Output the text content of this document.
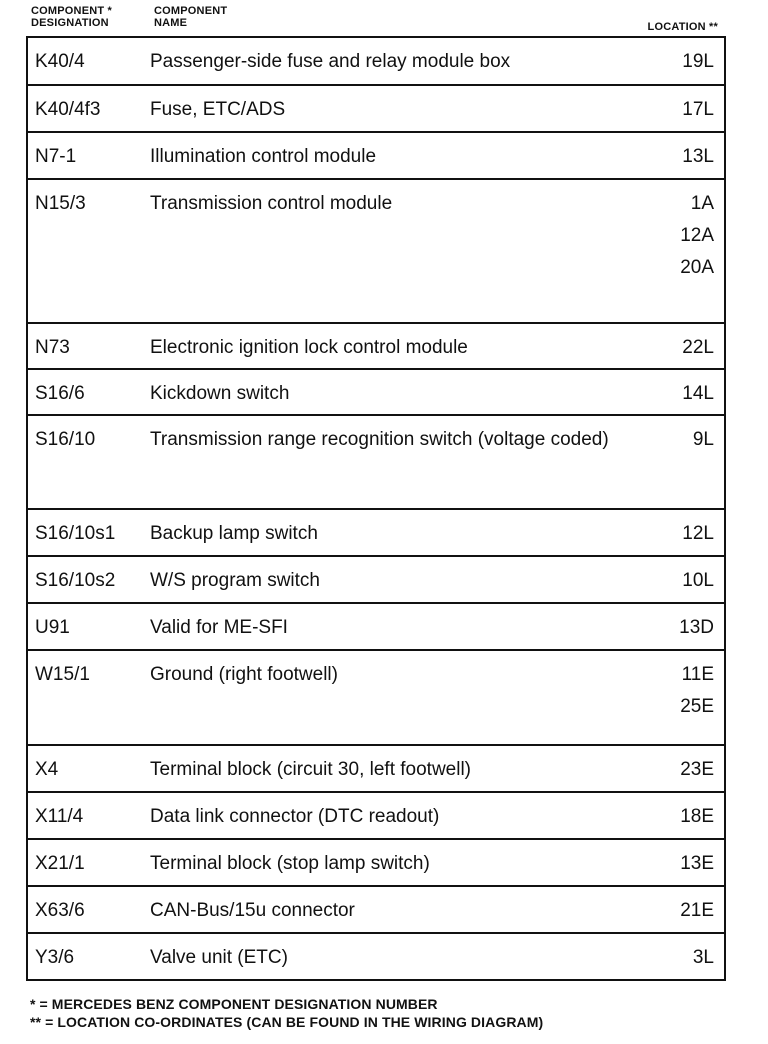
COMPONENT *
DESIGNATION
COMPONENT
NAME	LOCATION **
K40/4	Passenger-side fuse and relay module box	19L
K40/4f3	Fuse, ETC/ADS	17L
N7-1	Illumination control module	13L
N15/3	Transmission control module	1A
12A
20A
N73	Electronic ignition lock control module	22L
S16/6	Kickdown switch	14L
S16/10	Transmission range recognition switch (voltage coded)	9L
S16/10s1 Backup lamp switch	12L
S16/10s2 W/S program switch	10L
U91	Valid for ME-SFI	13D
W15/1	Ground (right footwell)	11E
25E
X4	Terminal block (circuit 30, left footwell)	23E
X11/4	Data link connector (DTC readout)	18E
X21/1	Terminal block (stop lamp switch)	13E
X63/6	CAN-Bus/15u connector	21E
Y3/6	Valve unit (ETC)	3L
* = MERCEDES BENZ COMPONENT DESIGNATION NUMBER
** = LOCATION CO-ORDINATES (CAN BE FOUND IN THE WIRING DIAGRAM)
